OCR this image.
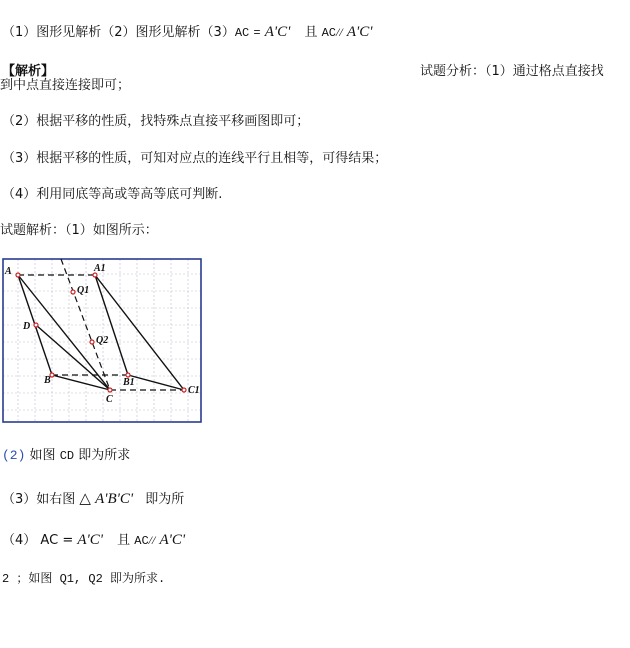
（1）图形见解析（2）图形见解析（3）AC = A'C' 且 AC// A'C'
【解析】	试题分析：（1）通过格点直接找
到中点直接连接即可；
（2）根据平移的性质，找特殊点直接平移画图即可；
（3）根据平移的性质，可知对应点的连线平行且相等，可得结果；
（4）利用同底等高或等高等底可判断.
试题解析：（1）如图所示：
A	A1
Q1
D
Q2
B	B1
C
C1
(2) 如图 CD 即为所求
（3）如右图 △ A'B'C' 即为所
（4） AC = A'C' 且 AC// A'C'
2 ；如图 Q1, Q2 即为所求.
